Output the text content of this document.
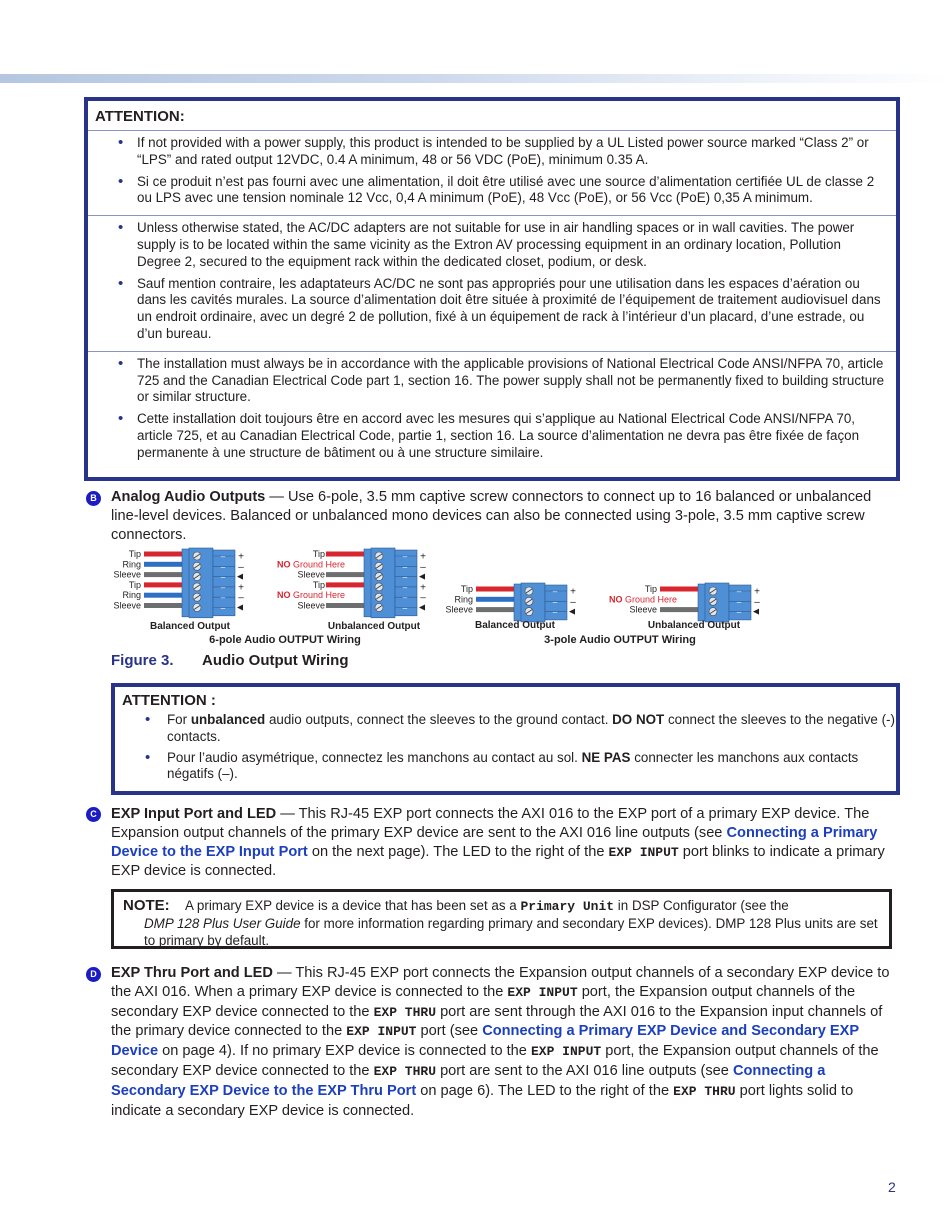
ATTENTION:
• If not provided with a power supply, this product is intended to be supplied by a UL Listed power source marked “Class 2” or “LPS” and rated output 12VDC, 0.4 A minimum, 48 or 56 VDC (PoE), minimum 0.35 A.
• Si ce produit n’est pas fourni avec une alimentation, il doit être utilisé avec une source d’alimentation certifiée UL de classe 2 ou LPS avec une tension nominale 12 Vcc, 0,4 A minimum (PoE), 48 Vcc (PoE), or 56 Vcc (PoE) 0,35 A minimum.
• Unless otherwise stated, the AC/DC adapters are not suitable for use in air handling spaces or in wall cavities. The power supply is to be located within the same vicinity as the Extron AV processing equipment in an ordinary location, Pollution Degree 2, secured to the equipment rack within the dedicated closet, podium, or desk.
• Sauf mention contraire, les adaptateurs AC/DC ne sont pas appropriés pour une utilisation dans les espaces d’aération ou dans les cavités murales. La source d’alimentation doit être située à proximité de l’équipement de traitement audiovisuel dans un endroit ordinaire, avec un degré 2 de pollution, fixé à un équipement de rack à l’intérieur d’un placard, d’une estrade, ou d’un bureau.
• The installation must always be in accordance with the applicable provisions of National Electrical Code ANSI/NFPA 70, article 725 and the Canadian Electrical Code part 1, section 16. The power supply shall not be permanently fixed to building structure or similar structure.
• Cette installation doit toujours être en accord avec les mesures qui s’applique au National Electrical Code ANSI/NFPA 70, article 725, et au Canadian Electrical Code, partie 1, section 16. La source d’alimentation ne devra pas être fixée de façon permanente à une structure de bâtiment ou à une structure similaire.
B Analog Audio Outputs — Use 6-pole, 3.5 mm captive screw connectors to connect up to 16 balanced or unbalanced line-level devices. Balanced or unbalanced mono devices can also be connected using 3-pole, 3.5 mm captive screw connectors.
Tip
Ring
Sleeve
Tip
Ring
Sleeve
+
–
–
–
–
+
–
–
–
–
Tip
NO Ground Here
Sleeve
Tip
NO Ground Here
Sleeve
+
–
–
–
–
+
–
–
–
–
Tip
Ring
Sleeve
+
–
–
–
–
Tip
NO Ground Here
Sleeve
+
–
–
–
–
Balanced Output	Unbalanced Output	Balanced Output	Unbalanced Output
6-pole Audio OUTPUT Wiring	3-pole Audio OUTPUT Wiring
Figure 3. Audio Output Wiring
ATTENTION :
• For unbalanced audio outputs, connect the sleeves to the ground contact. DO NOT connect the sleeves to the negative (-) contacts.
• Pour l’audio asymétrique, connectez les manchons au contact au sol. NE PAS connecter les manchons aux contacts négatifs (–).
C EXP Input Port and LED — This RJ-45 EXP port connects the AXI 016 to the EXP port of a primary EXP device. The Expansion output channels of the primary EXP device are sent to the AXI 016 line outputs (see Connecting a Primary Device to the EXP Input Port on the next page). The LED to the right of the EXP INPUT port blinks to indicate a primary EXP device is connected.
NOTE: A primary EXP device is a device that has been set as a Primary Unit in DSP Configurator (see the
DMP 128 Plus User Guide for more information regarding primary and secondary EXP devices). DMP 128 Plus units are set to primary by default.
D EXP Thru Port and LED — This RJ-45 EXP port connects the Expansion output channels of a secondary EXP device to the AXI 016. When a primary EXP device is connected to the EXP INPUT port, the Expansion output channels of the secondary EXP device connected to the EXP THRU port are sent through the AXI 016 to the Expansion input channels of the primary device connected to the EXP INPUT port (see Connecting a Primary EXP Device and Secondary EXP Device on page 4). If no primary EXP device is connected to the EXP INPUT port, the Expansion output channels of the secondary EXP device connected to the EXP THRU port are sent to the AXI 016 line outputs (see Connecting a Secondary EXP Device to the EXP Thru Port on page 6). The LED to the right of the EXP THRU port lights solid to indicate a secondary EXP device is connected.
2
